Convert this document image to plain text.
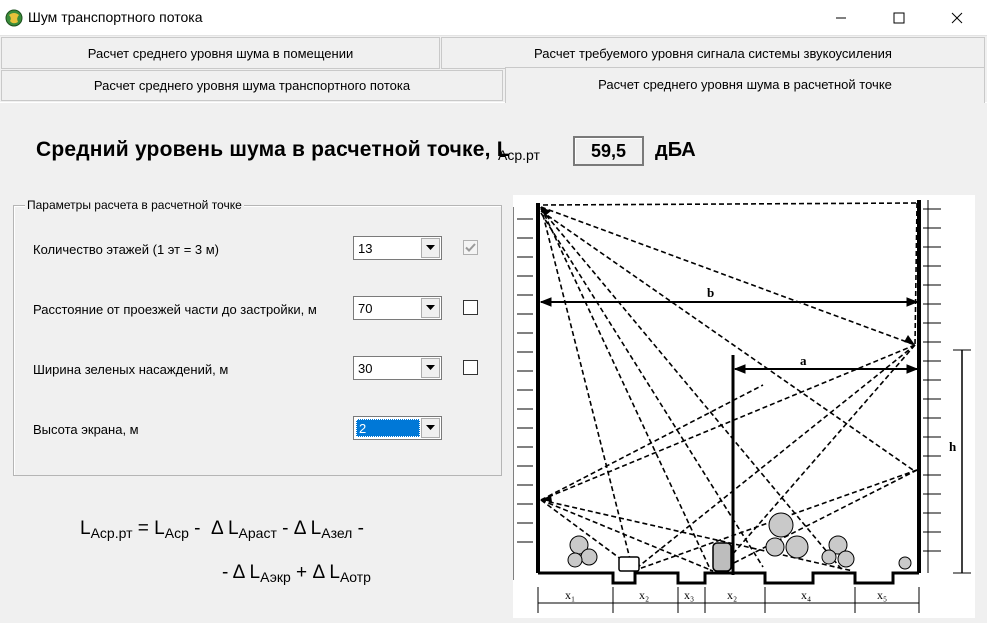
Шум транспортного потока
Расчет среднего уровня шума в помещении	Расчет требуемого уровня сигнала системы звукоусиления
Расчет среднего уровня шума транспортного потока	Расчет среднего уровня шума в расчетной точке
Средний уровень шума в расчетной точке, L
$_{Аср.рт}$	59,5 дБА
Параметры расчета в расчетной точке
Количество этажей (1 эт = 3 м)	13
Расстояние от проезжей части до застройки, м	70
Ширина зеленых насаждений, м	30
Высота экрана, м	2
$L_{Аср.рт} = L_{Аср} - \Delta$ $L_{Араст}$ - Δ $L_{Азел}$ -
- Δ $L_{Аэкр} + \Delta$ $L_{Аотр}$
b
a
h
x₁	x₂	x₃	x₂	x₄	x₅
